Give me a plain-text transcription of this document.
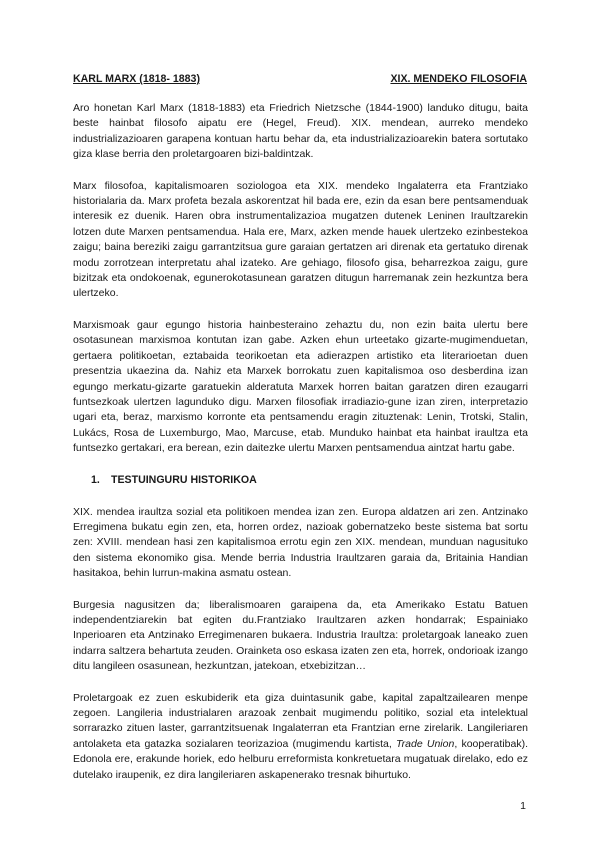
KARL MARX (1818- 1883)	XIX. MENDEKO FILOSOFIA

Aro honetan Karl Marx (1818-1883) eta Friedrich Nietzsche (1844-1900) landuko ditugu, baita beste hainbat filosofo aipatu ere (Hegel, Freud). XIX. mendean, aurreko mendeko industrializazioaren garapena kontuan hartu behar da, eta industrializazioarekin batera sortutako giza klase berria den proletargoaren bizi-baldintzak.

Marx filosofoa, kapitalismoaren soziologoa eta XIX. mendeko Ingalaterra eta Frantziako historialaria da. Marx profeta bezala askorentzat hil bada ere, ezin da esan bere pentsamenduak interesik ez duenik. Haren obra instrumentalizazioa mugatzen dutenek Leninen Iraultzarekin lotzen dute Marxen pentsamendua. Hala ere, Marx, azken mende hauek ulertzeko ezinbestekoa zaigu; baina bereziki zaigu garrantzitsua gure garaian gertatzen ari direnak eta gertatuko direnak modu zorrotzean interpretatu ahal izateko. Are gehiago, filosofo gisa, beharrezkoa zaigu, gure bizitzak eta ondokoenak, egunerokotasunean garatzen ditugun harremanak zein hezkuntza bera ulertzeko.

Marxismoak gaur egungo historia hainbesteraino zehaztu du, non ezin baita ulertu bere osotasunean marxismoa kontutan izan gabe. Azken ehun urteetako gizarte-mugimenduetan, gertaera politikoetan, eztabaida teorikoetan eta adierazpen artistiko eta literarioetan duen presentzia ukaezina da. Nahiz eta Marxek borrokatu zuen kapitalismoa oso desberdina izan egungo merkatu-gizarte garatuekin alderatuta Marxek horren baitan garatzen diren ezaugarri funtsezkoak ulertzen lagunduko digu. Marxen filosofiak irradiazio-gune izan ziren, interpretazio ugari eta, beraz, marxismo korronte eta pentsamendu eragin zituztenak: Lenin, Trotski, Stalin, Lukács, Rosa de Luxemburgo, Mao, Marcuse, etab. Munduko hainbat eta hainbat iraultza eta funtsezko gertakari, era berean, ezin daitezke ulertu Marxen pentsamendua aintzat hartu gabe.

1.	TESTUINGURU HISTORIKOA

XIX. mendea iraultza sozial eta politikoen mendea izan zen. Europa aldatzen ari zen. Antzinako Erregimena bukatu egin zen, eta, horren ordez, nazioak gobernatzeko beste sistema bat sortu zen: XVIII. mendean hasi zen kapitalismoa errotu egin zen XIX. mendean, munduan nagusituko den sistema ekonomiko gisa. Mende berria Industria Iraultzaren garaia da, Britainia Handian hasitakoa, behin lurrun-makina asmatu ostean.

Burgesia nagusitzen da; liberalismoaren garaipena da, eta Amerikako Estatu Batuen independentziarekin bat egiten du.Frantziako Iraultzaren azken hondarrak; Espainiako Inperioaren eta Antzinako Erregimenaren bukaera. Industria Iraultza: proletargoak laneako zuen indarra saltzera behartuta zeuden. Orainketa oso eskasa izaten zen eta, horrek, ondorioak izango ditu langileen osasunean, hezkuntzan, jatekoan, etxebizitzan…

Proletargoak ez zuen eskubiderik eta giza duintasunik gabe, kapital zapaltzailearen menpe zegoen. Langileria industrialaren arazoak zenbait mugimendu politiko, sozial eta intelektual sorrarazko zituen laster, garrantzitsuenak Ingalaterran eta Frantzian erne zirelarik. Langileriaren antolaketa eta gatazka sozialaren teorizazioa (mugimendu kartista, Trade Union, kooperatibak). Edonola ere, erakunde horiek, edo helburu erreformista konkretuetara mugatuak direlako, edo ez dutelako iraupenik, ez dira langileriaren askapenerako tresnak bihurtuko.

1
